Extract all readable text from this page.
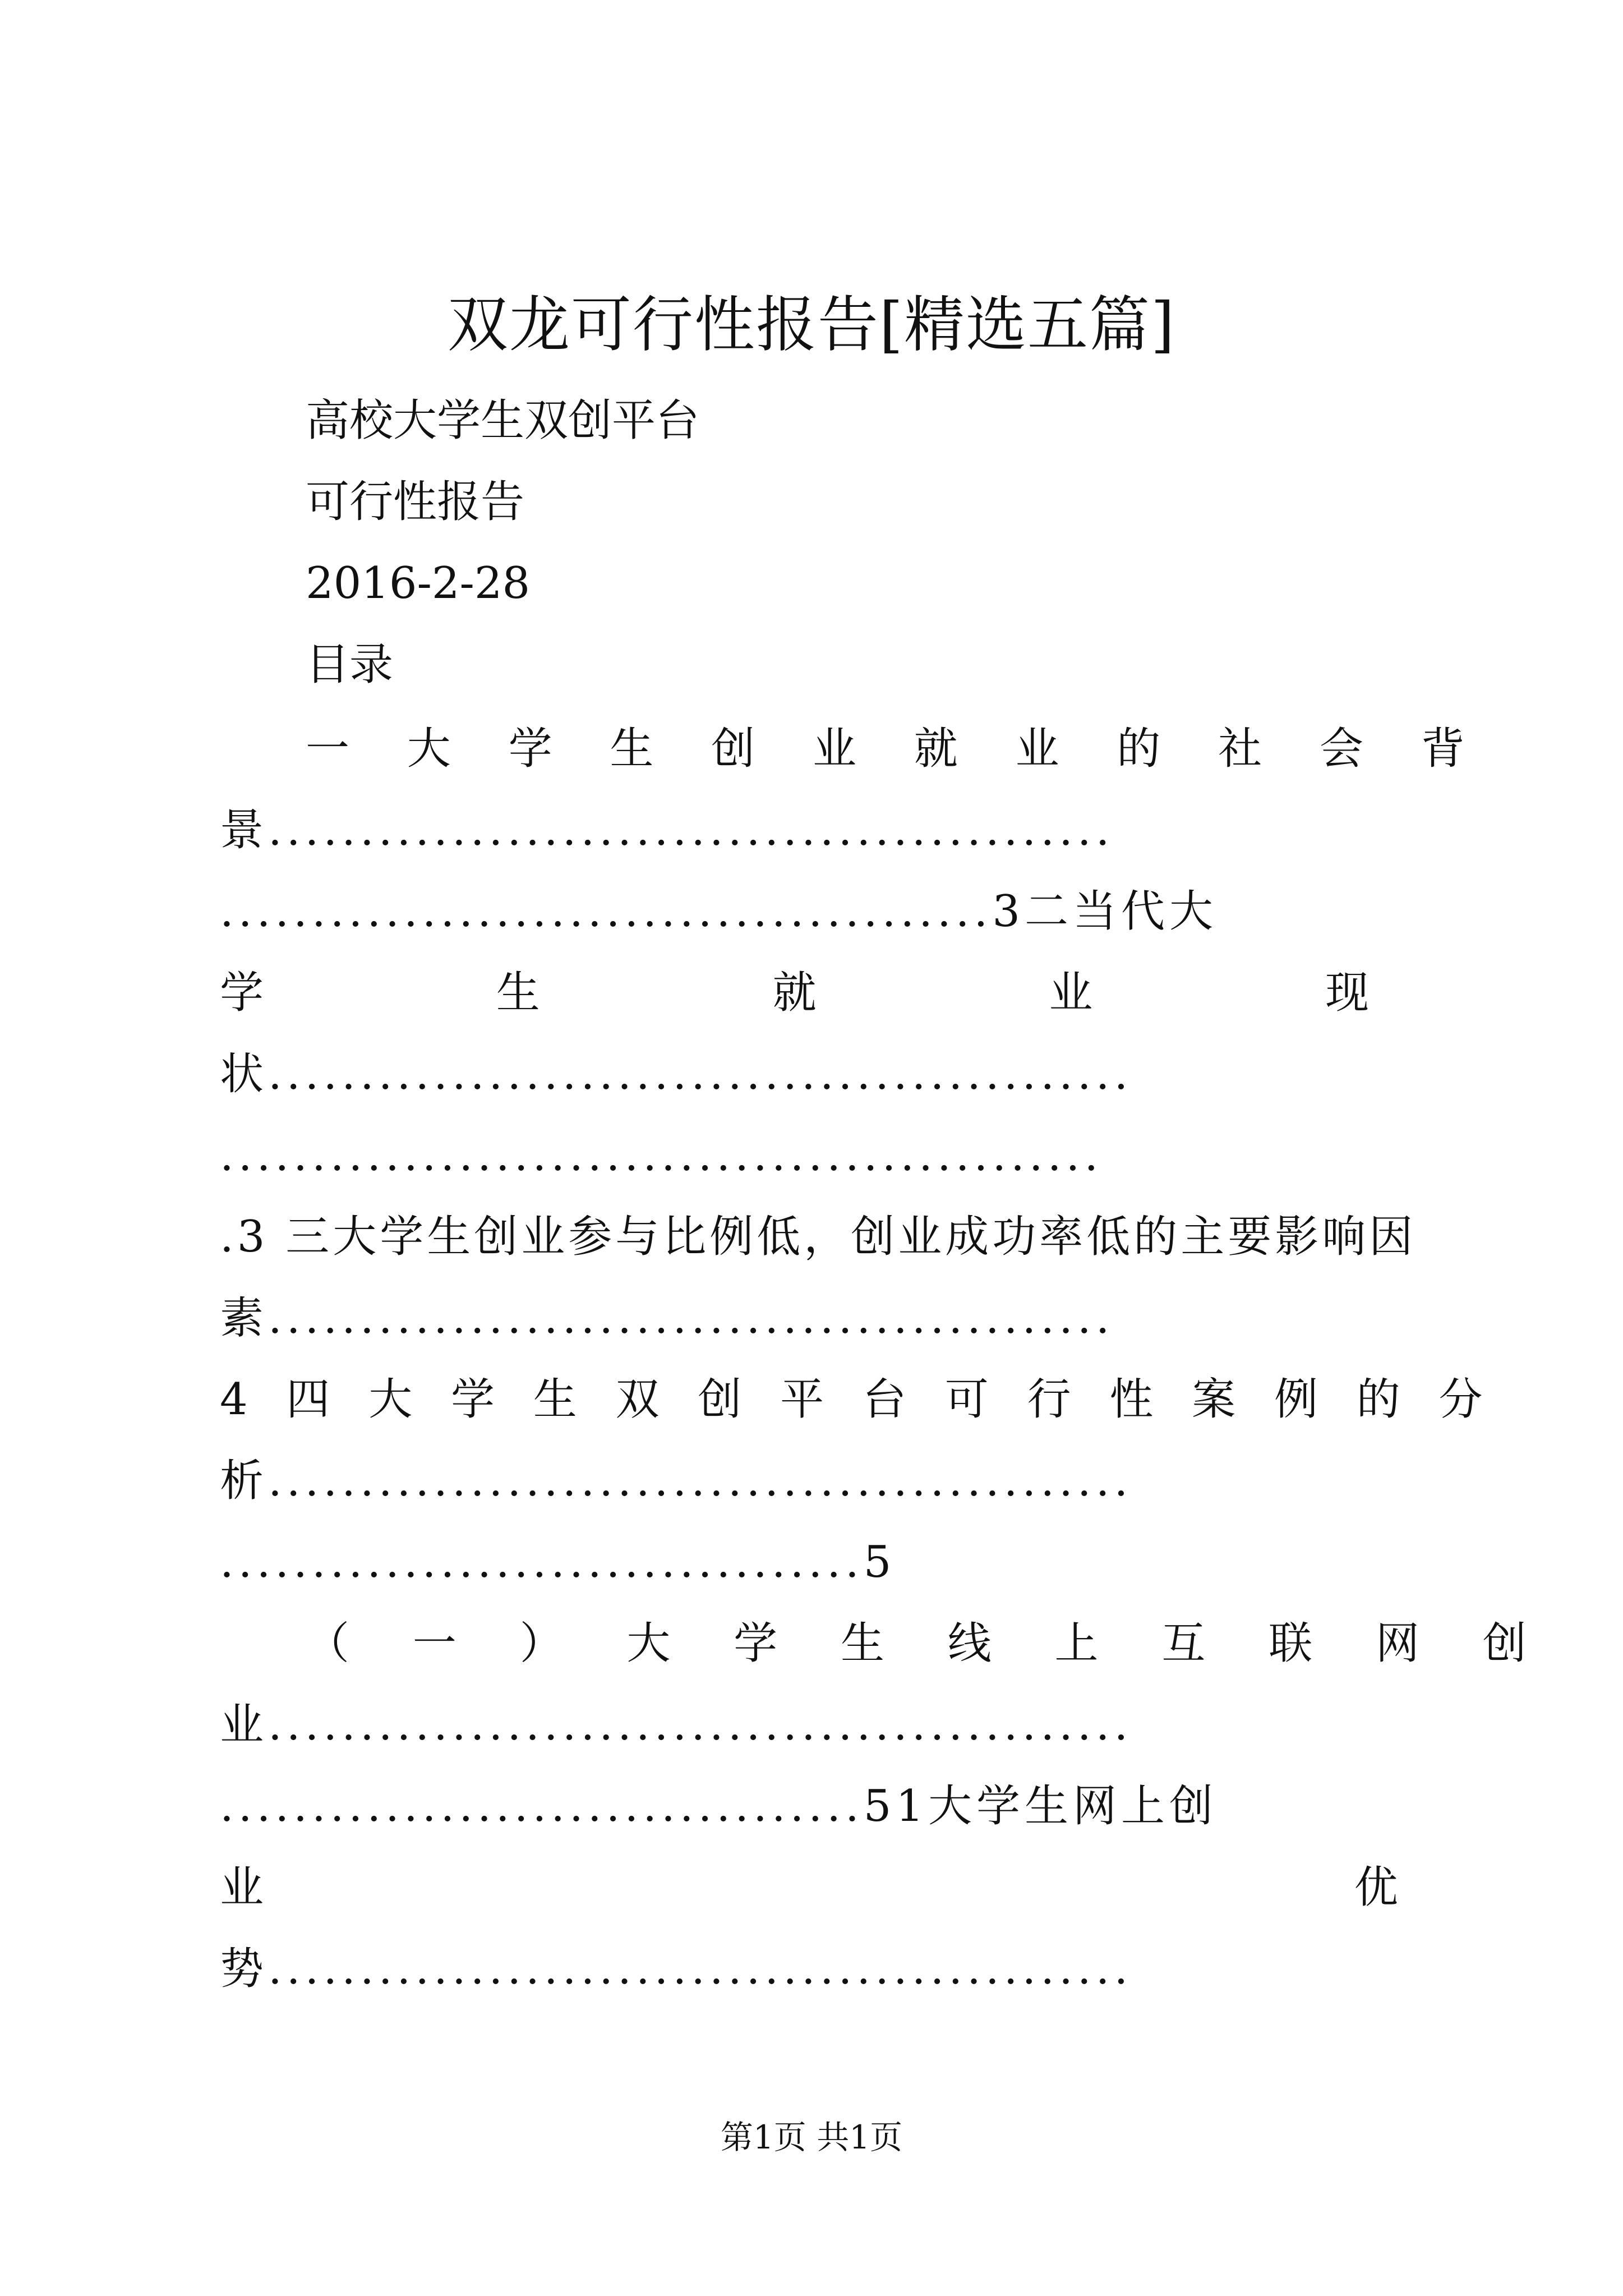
双龙可行性报告[精选五篇]

高校大学生双创平台

可行性报告

2016-2-28

目录

一 大 学 生 创 业 就 业 的 社 会 背

景..............................................

..........................................3二当代大

学 生 就 业 现

状...............................................

................................................

.3 三大学生创业参与比例低，创业成功率低的主要影响因

素..............................................

4 四 大 学 生 双 创 平 台 可 行 性 案 例 的 分

析...............................................

...................................5

（ 一 ） 大 学 生 线 上 互 联 网 创

业...............................................

...................................51大学生网上创

业 优

势...............................................

第1页 共1页
